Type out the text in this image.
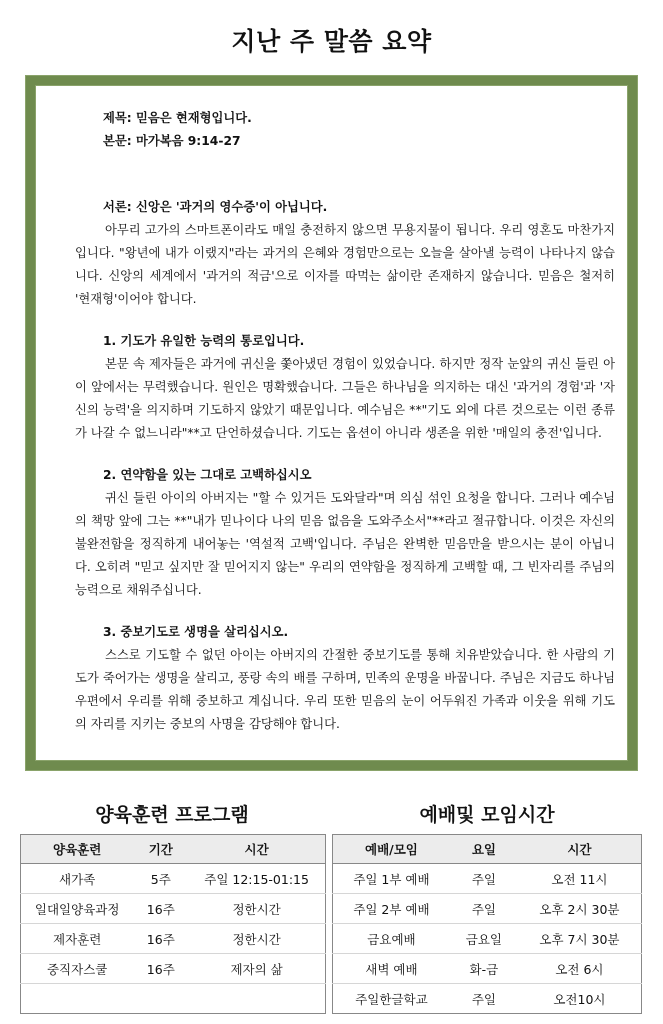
지난 주 말씀 요약
제목: 믿음은 현재형입니다.
본문: 마가복음 9:14-27
서론: 신앙은 '과거의 영수증'이 아닙니다.
아무리 고가의 스마트폰이라도 매일 충전하지 않으면 무용지물이 됩니다. 우리 영혼도 마찬가지입니다. "왕년에 내가 이랬지"라는 과거의 은혜와 경험만으로는 오늘을 살아낼 능력이 나타나지 않습니다. 신앙의 세계에서 '과거의 적금'으로 이자를 따먹는 삶이란 존재하지 않습니다. 믿음은 철저히 '현재형'이어야 합니다.
1. 기도가 유일한 능력의 통로입니다.
본문 속 제자들은 과거에 귀신을 쫓아냈던 경험이 있었습니다. 하지만 정작 눈앞의 귀신 들린 아이 앞에서는 무력했습니다. 원인은 명확했습니다. 그들은 하나님을 의지하는 대신 '과거의 경험'과 '자신의 능력'을 의지하며 기도하지 않았기 때문입니다. 예수님은 **"기도 외에 다른 것으로는 이런 종류가 나갈 수 없느니라"**고 단언하셨습니다. 기도는 옵션이 아니라 생존을 위한 '매일의 충전'입니다.
2. 연약함을 있는 그대로 고백하십시오
귀신 들린 아이의 아버지는 "할 수 있거든 도와달라"며 의심 섞인 요청을 합니다. 그러나 예수님의 책망 앞에 그는 **"내가 믿나이다 나의 믿음 없음을 도와주소서"**라고 절규합니다. 이것은 자신의 불완전함을 정직하게 내어놓는 '역설적 고백'입니다. 주님은 완벽한 믿음만을 받으시는 분이 아닙니다. 오히려 "믿고 싶지만 잘 믿어지지 않는" 우리의 연약함을 정직하게 고백할 때, 그 빈자리를 주님의 능력으로 채워주십니다.
3. 중보기도로 생명을 살리십시오.
스스로 기도할 수 없던 아이는 아버지의 간절한 중보기도를 통해 치유받았습니다. 한 사람의 기도가 죽어가는 생명을 살리고, 풍랑 속의 배를 구하며, 민족의 운명을 바꿉니다. 주님은 지금도 하나님 우편에서 우리를 위해 중보하고 계십니다. 우리 또한 믿음의 눈이 어두워진 가족과 이웃을 위해 기도의 자리를 지키는 중보의 사명을 감당해야 합니다.
양육훈련 프로그램
양육훈련	기간	시간
새가족	5주	주일 12:15-01:15
일대일양육과정	16주	정한시간
제자훈련	16주	정한시간
중직자스쿨	16주	제자의 삶

예배및 모임시간
예배/모임	요일	시간
주일 1부 예배	주일	오전 11시
주일 2부 예배	주일	오후 2시 30분
금요예배	금요일	오후 7시 30분
새벽 예배	화-금	오전 6시
주일한글학교	주일	오전10시
